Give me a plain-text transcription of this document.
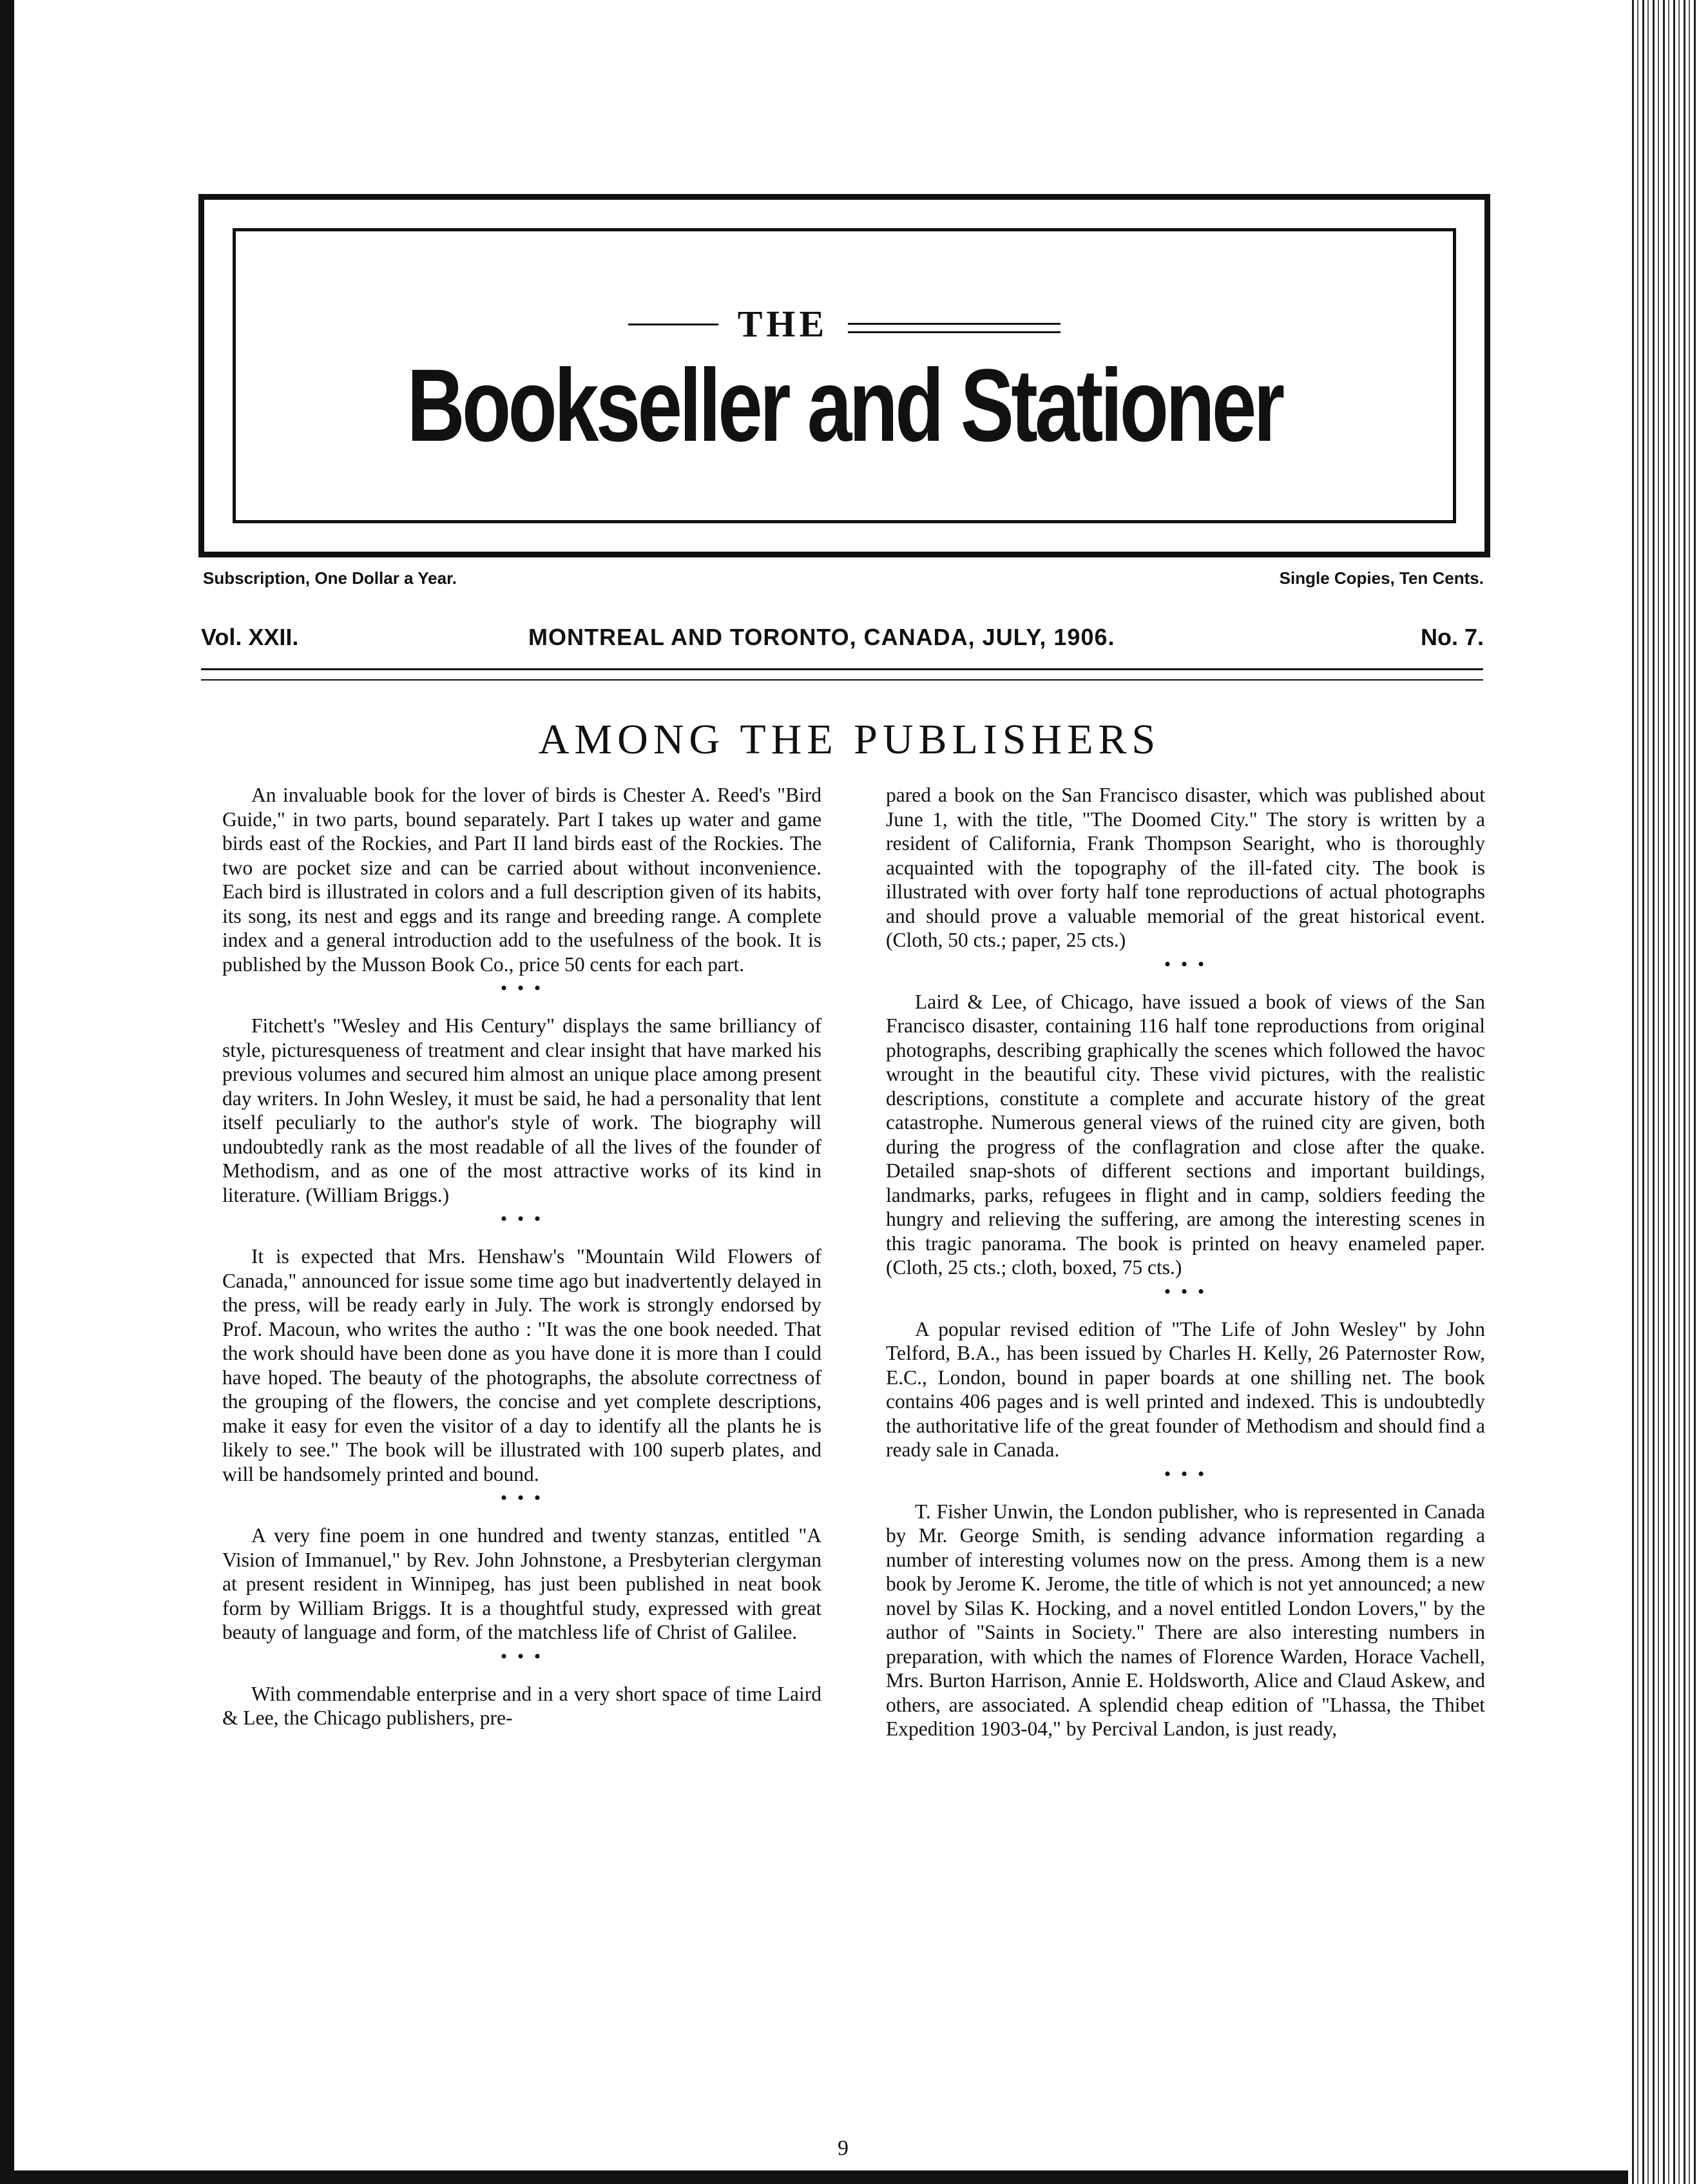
THE
Bookseller and Stationer
Subscription, One Dollar a Year.	Single Copies, Ten Cents.
Vol. XXII.	MONTREAL AND TORONTO, CANADA, JULY, 1906.	No. 7.
AMONG THE PUBLISHERS

An invaluable book for the lover of birds is Chester A. Reed's "Bird Guide," in two parts, bound separately. Part I takes up water and game birds east of the Rockies, and Part II land birds east of the Rockies. The two are pocket size and can be carried about without inconvenience. Each bird is illustrated in colors and a full description given of its habits, its song, its nest and eggs and its range and breeding range. A complete index and a general introduction add to the usefulness of the book. It is published by the Musson Book Co., price 50 cents for each part.

• • •

Fitchett's "Wesley and His Century" displays the same brilliancy of style, picturesqueness of treatment and clear insight that have marked his previous volumes and secured him almost an unique place among present day writers. In John Wesley, it must be said, he had a personality that lent itself peculiarly to the author's style of work. The biography will undoubtedly rank as the most readable of all the lives of the founder of Methodism, and as one of the most attractive works of its kind in literature. (William Briggs.)

• • •

It is expected that Mrs. Henshaw's "Mountain Wild Flowers of Canada," announced for issue some time ago but inadvertently delayed in the press, will be ready early in July. The work is strongly endorsed by Prof. Macoun, who writes the autho : "It was the one book needed. That the work should have been done as you have done it is more than I could have hoped. The beauty of the photographs, the absolute correctness of the grouping of the flowers, the concise and yet complete descriptions, make it easy for even the visitor of a day to identify all the plants he is likely to see." The book will be illustrated with 100 superb plates, and will be handsomely printed and bound.

• • •

A very fine poem in one hundred and twenty stanzas, entitled "A Vision of Immanuel," by Rev. John Johnstone, a Presbyterian clergyman at present resident in Winnipeg, has just been published in neat book form by William Briggs. It is a thoughtful study, expressed with great beauty of language and form, of the matchless life of Christ of Galilee.

• • •

With commendable enterprise and in a very short space of time Laird & Lee, the Chicago publishers, pre-

pared a book on the San Francisco disaster, which was published about June 1, with the title, "The Doomed City." The story is written by a resident of California, Frank Thompson Searight, who is thoroughly acquainted with the topography of the ill-fated city. The book is illustrated with over forty half tone reproductions of actual photographs and should prove a valuable memorial of the great historical event. (Cloth, 50 cts.; paper, 25 cts.)

• • •

Laird & Lee, of Chicago, have issued a book of views of the San Francisco disaster, containing 116 half tone reproductions from original photographs, describing graphically the scenes which followed the havoc wrought in the beautiful city. These vivid pictures, with the realistic descriptions, constitute a complete and accurate history of the great catastrophe. Numerous general views of the ruined city are given, both during the progress of the conflagration and close after the quake. Detailed snap-shots of different sections and important buildings, landmarks, parks, refugees in flight and in camp, soldiers feeding the hungry and relieving the suffering, are among the interesting scenes in this tragic panorama. The book is printed on heavy enameled paper. (Cloth, 25 cts.; cloth, boxed, 75 cts.)

• • •

A popular revised edition of "The Life of John Wesley" by John Telford, B.A., has been issued by Charles H. Kelly, 26 Paternoster Row, E.C., London, bound in paper boards at one shilling net. The book contains 406 pages and is well printed and indexed. This is undoubtedly the authoritative life of the great founder of Methodism and should find a ready sale in Canada.

• • •

T. Fisher Unwin, the London publisher, who is represented in Canada by Mr. George Smith, is sending advance information regarding a number of interesting volumes now on the press. Among them is a new book by Jerome K. Jerome, the title of which is not yet announced; a new novel by Silas K. Hocking, and a novel entitled London Lovers," by the author of "Saints in Society." There are also interesting numbers in preparation, with which the names of Florence Warden, Horace Vachell, Mrs. Burton Harrison, Annie E. Holdsworth, Alice and Claud Askew, and others, are associated. A splendid cheap edition of "Lhassa, the Thibet Expedition 1903-04," by Percival Landon, is just ready,

9
